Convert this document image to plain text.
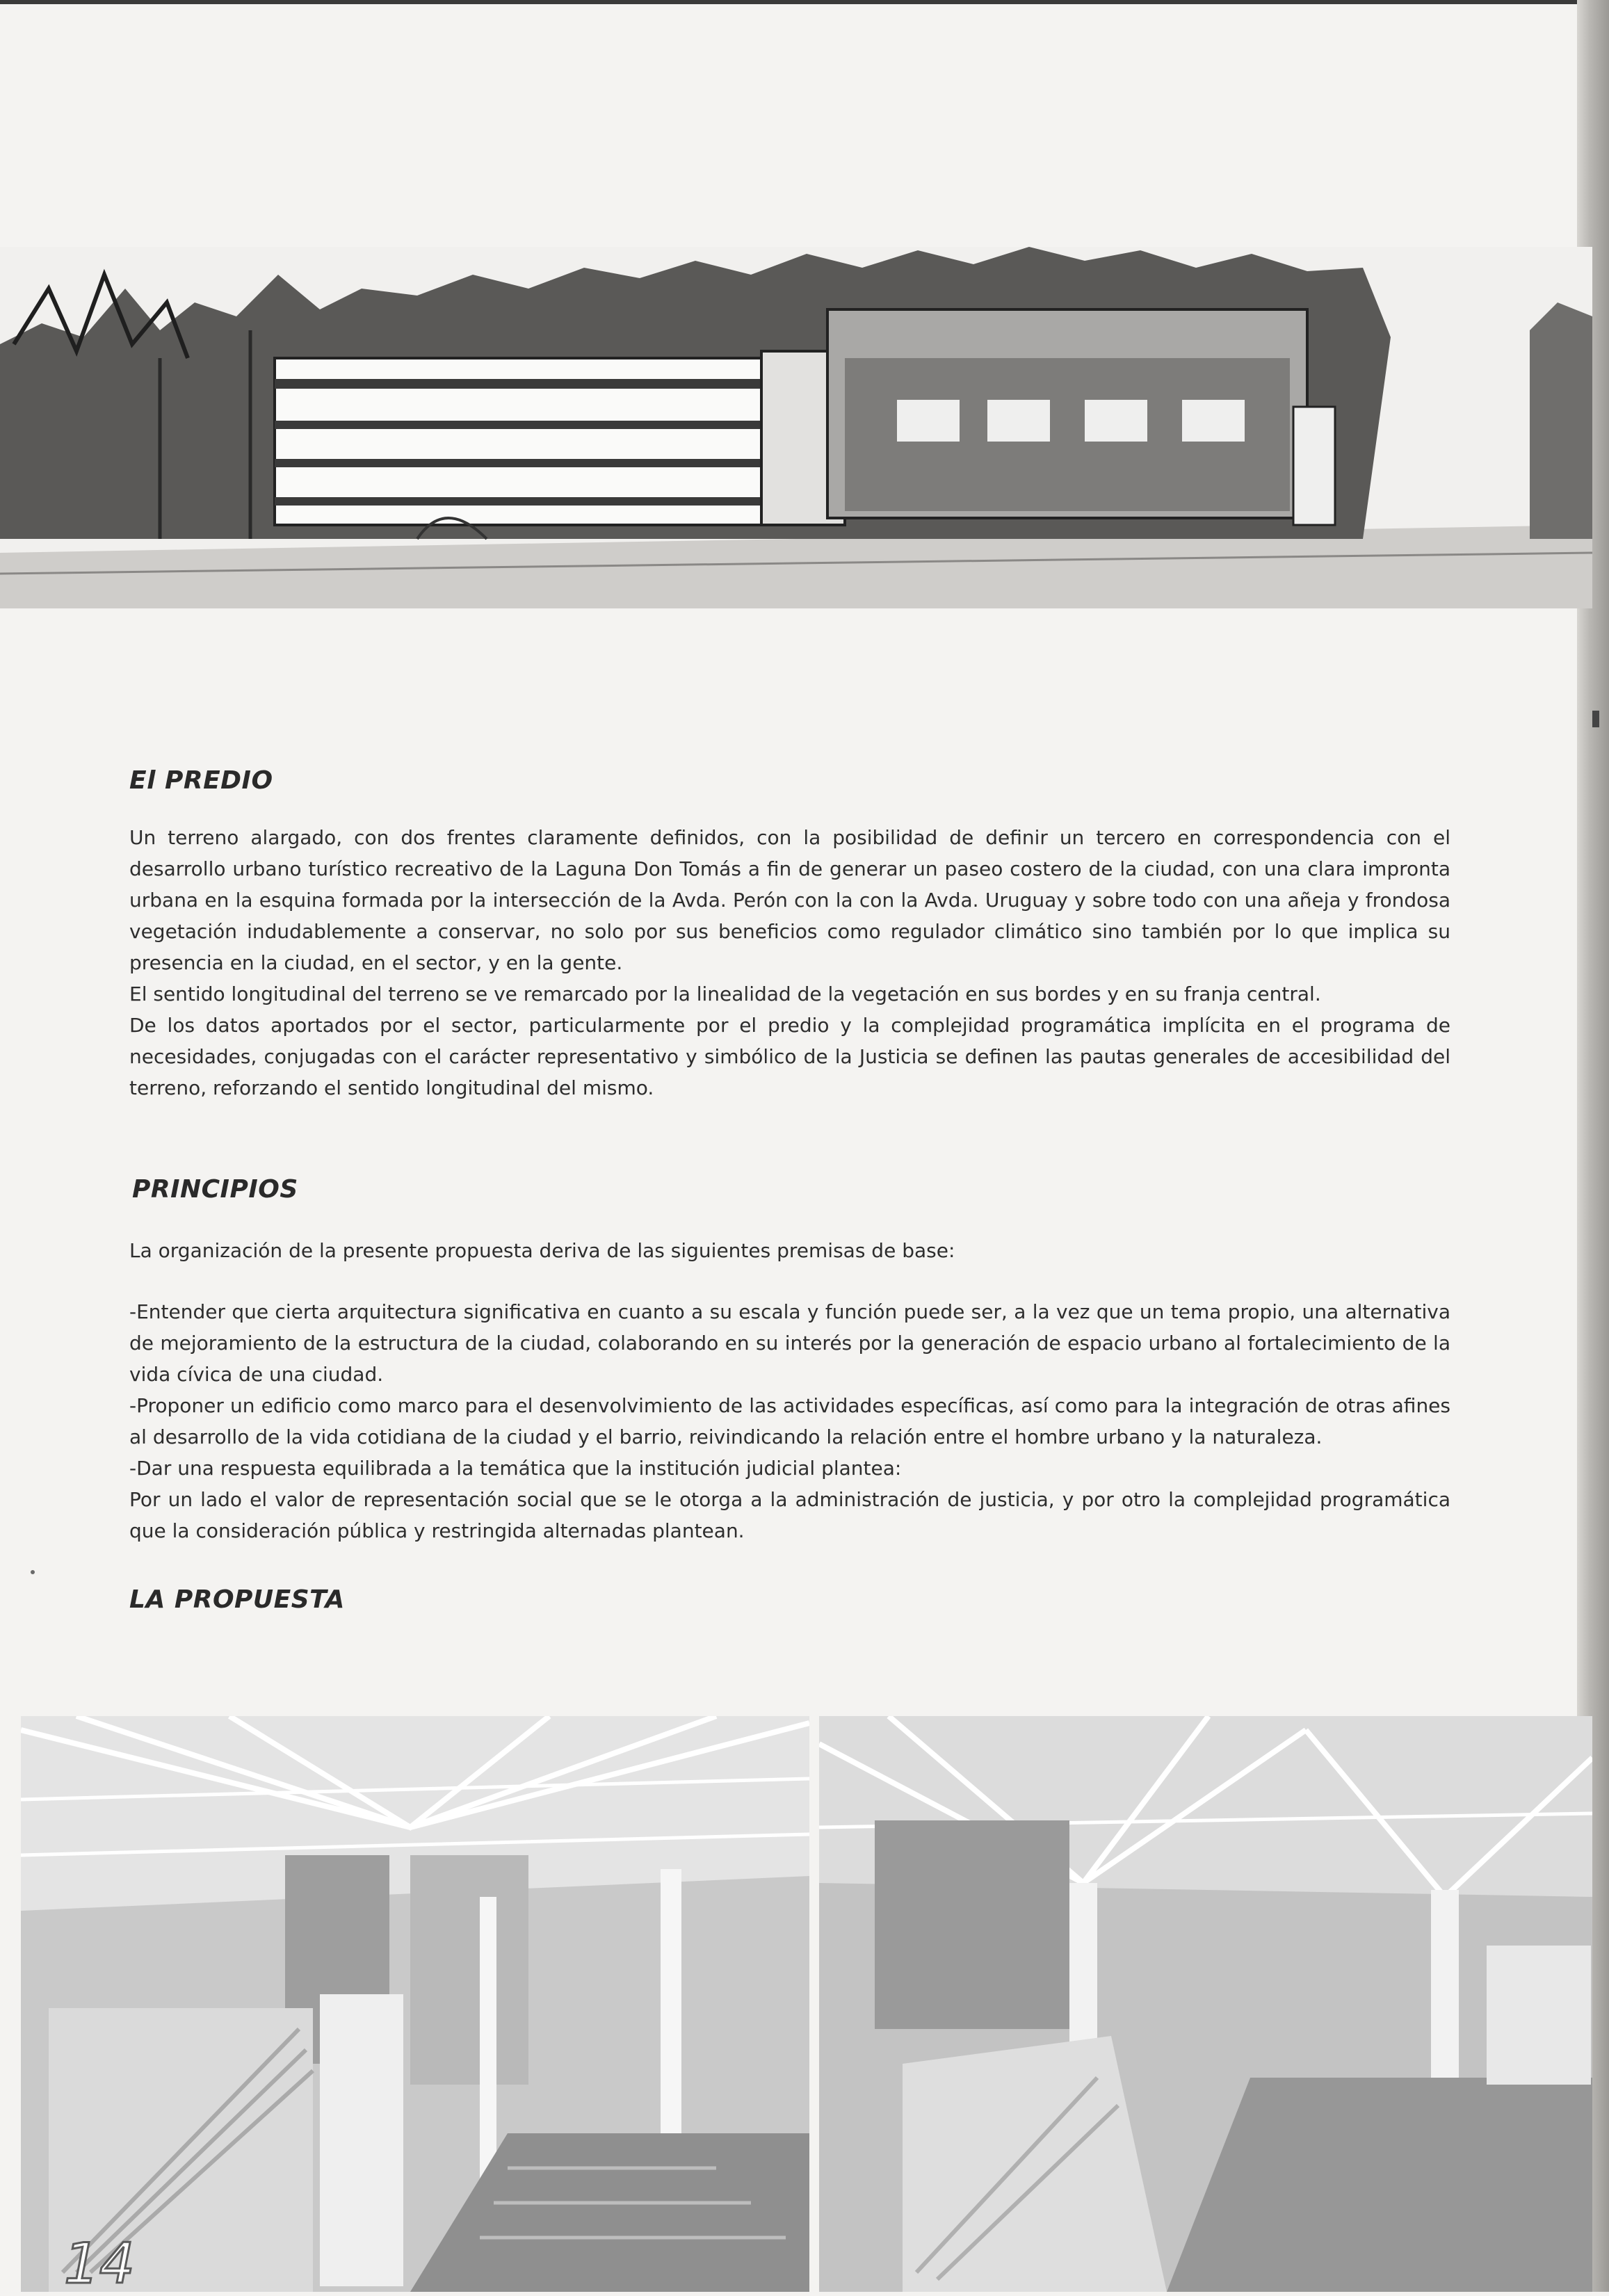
El PREDIO

Un terreno alargado, con dos frentes claramente definidos, con la posibilidad de definir un tercero en correspondencia con el desarrollo urbano turístico recreativo de la Laguna Don Tomás a fin de generar un paseo costero de la ciudad, con una clara impronta urbana en la esquina formada por la intersección de la Avda. Perón con la con la Avda. Uruguay y sobre todo con una añeja y frondosa vegetación indudablemente a conservar, no solo por sus beneficios como regulador climático sino también por lo que implica su presencia en la ciudad, en el sector, y en la gente.

El sentido longitudinal del terreno se ve remarcado por la linealidad de la vegetación en sus bordes y en su franja central.

De los datos aportados por el sector, particularmente por el predio y la complejidad programática implícita en el programa de necesidades, conjugadas con el carácter representativo y simbólico de la Justicia se definen las pautas generales de accesibilidad del terreno, reforzando el sentido longitudinal del mismo.

PRINCIPIOS

La organización de la presente propuesta deriva de las siguientes premisas de base:

-Entender que cierta arquitectura significativa en cuanto a su escala y función puede ser, a la vez que un tema propio, una alternativa de mejoramiento de la estructura de la ciudad, colaborando en su interés por la generación de espacio urbano al fortalecimiento de la vida cívica de una ciudad.

-Proponer un edificio como marco para el desenvolvimiento de las actividades específicas, así como para la integración de otras afines al desarrollo de la vida cotidiana de la ciudad y el barrio, reivindicando la relación entre el hombre urbano y la naturaleza.

-Dar una respuesta equilibrada a la temática que la institución judicial plantea:

Por un lado el valor de representación social que se le otorga a la administración de justicia, y por otro la complejidad programática que la consideración pública y restringida alternadas plantean.

LA PROPUESTA
14
